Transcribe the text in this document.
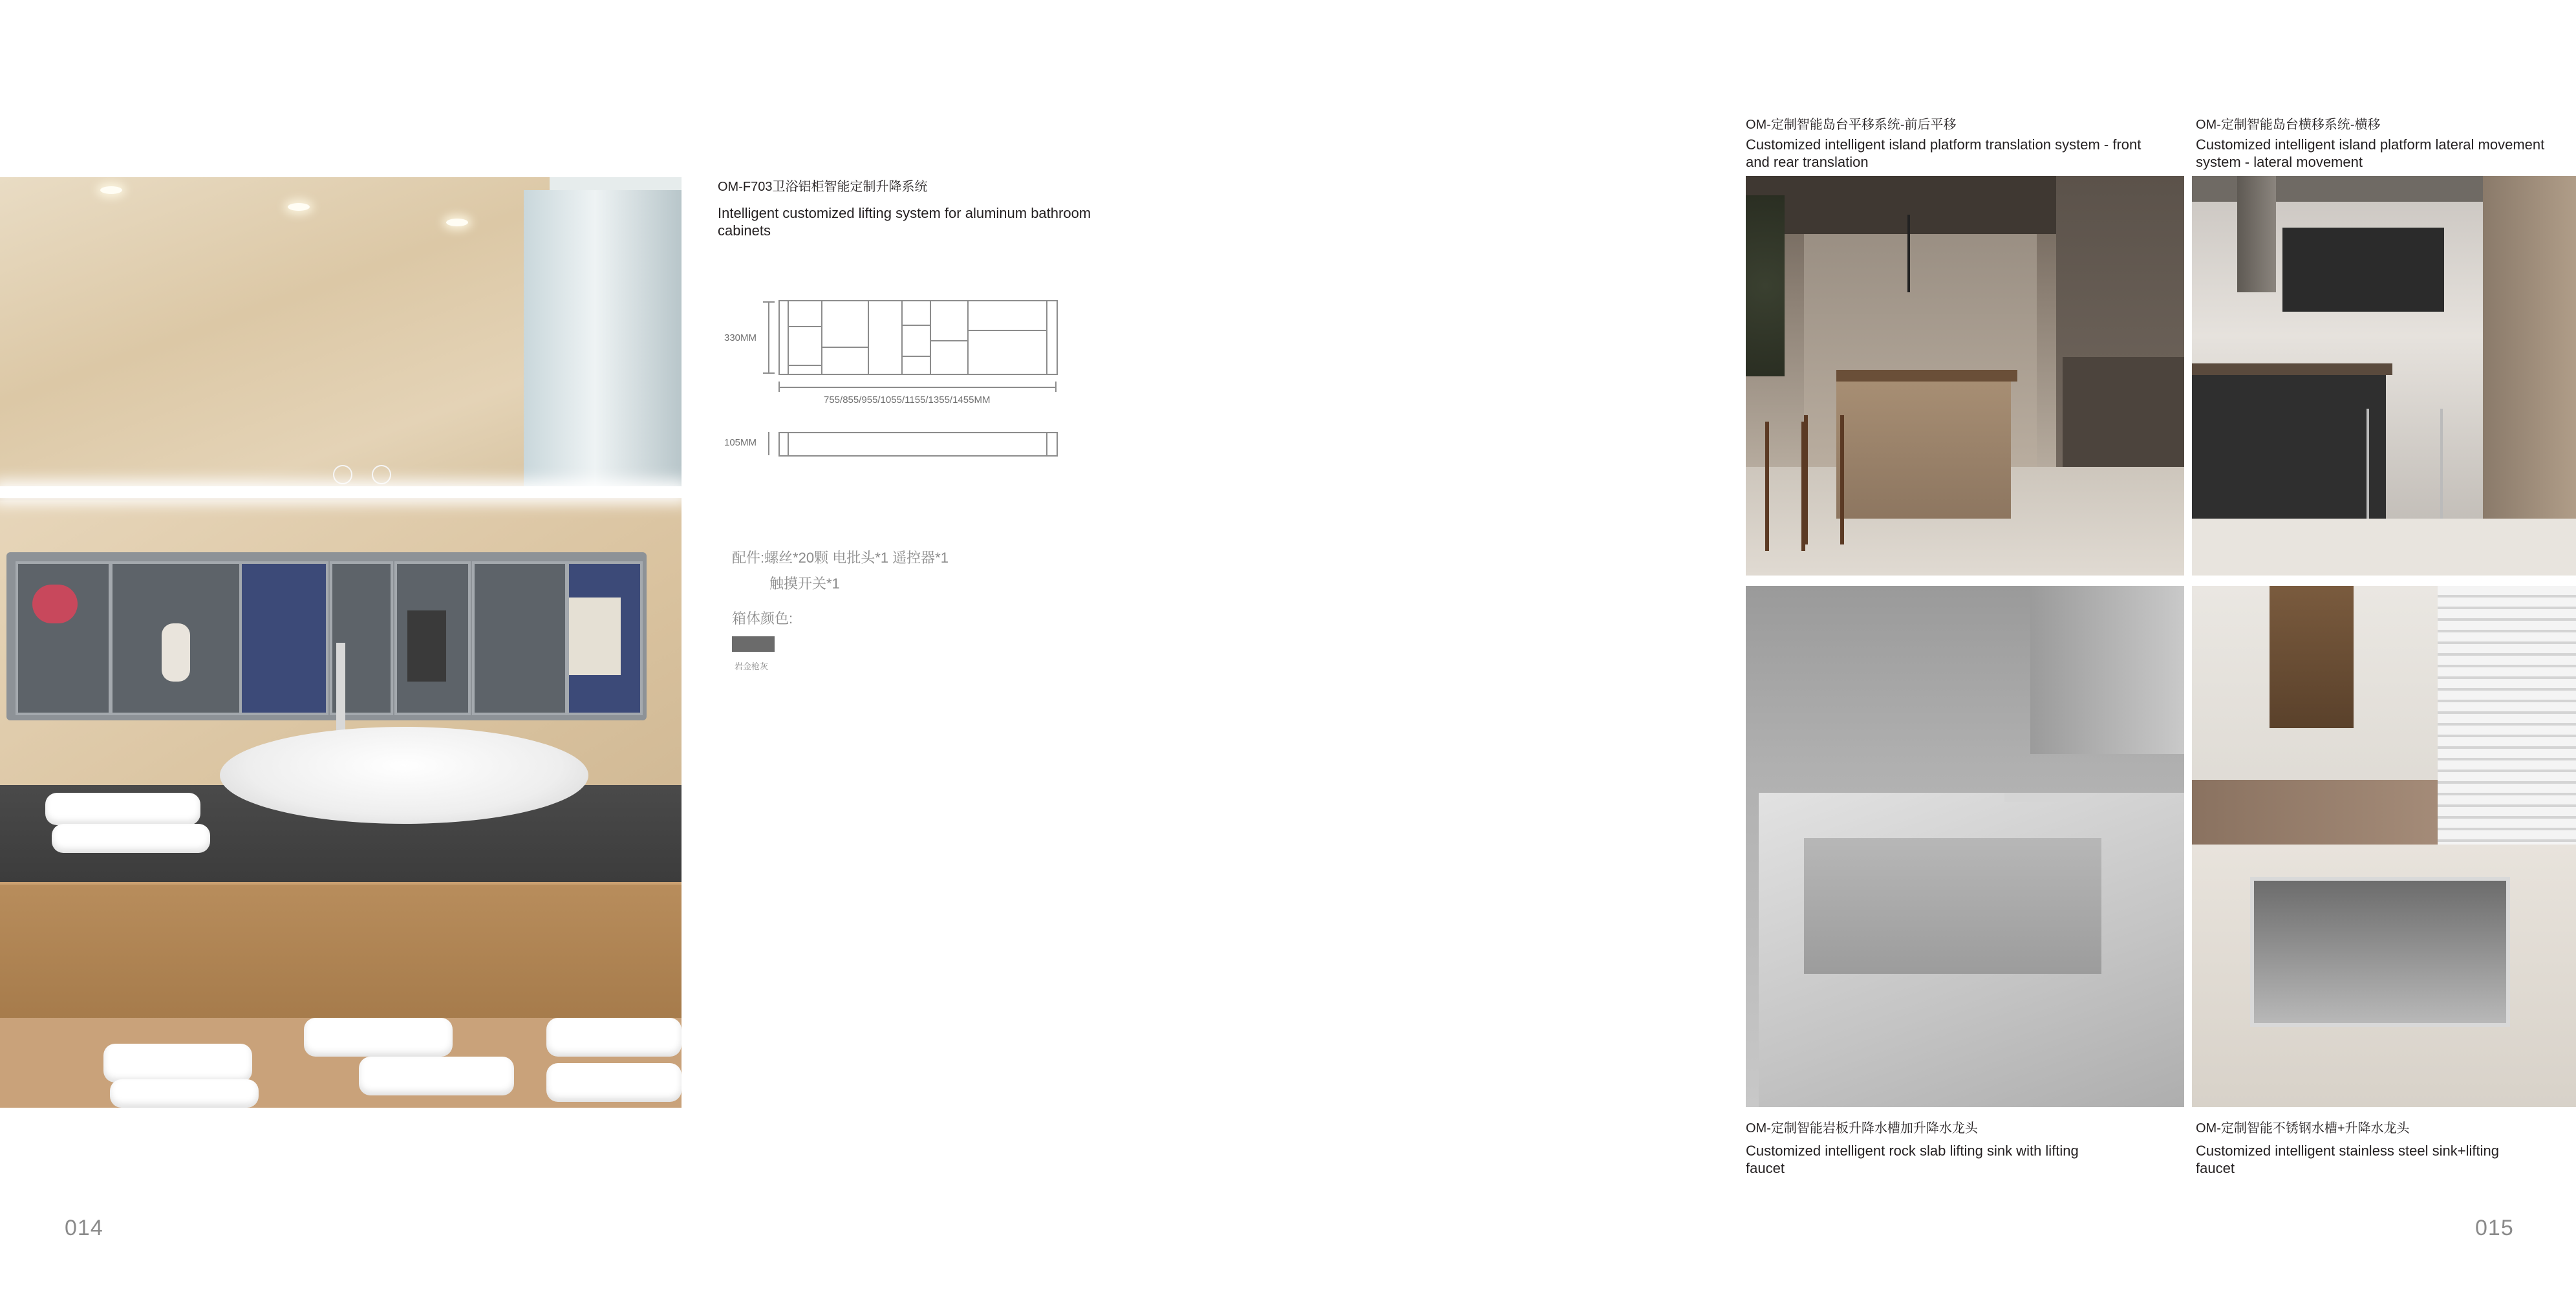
OM-F703卫浴铝柜智能定制升降系统
Intelligent customized lifting system for aluminum bathroom cabinets
330MM
755/855/955/1055/1155/1355/1455MM
105MM
配件:螺丝*20颗 电批头*1 遥控器*1
触摸开关*1
箱体颜色:
岩金枪灰
014
OM-定制智能岛台平移系统-前后平移
Customized intelligent island platform translation system - front and rear translation
OM-定制智能岛台横移系统-横移
Customized intelligent island platform lateral movement system - lateral movement
OM-定制智能岩板升降水槽加升降水龙头
Customized intelligent rock slab lifting sink with lifting faucet
OM-定制智能不锈钢水槽+升降水龙头
Customized intelligent stainless steel sink+lifting faucet
015
